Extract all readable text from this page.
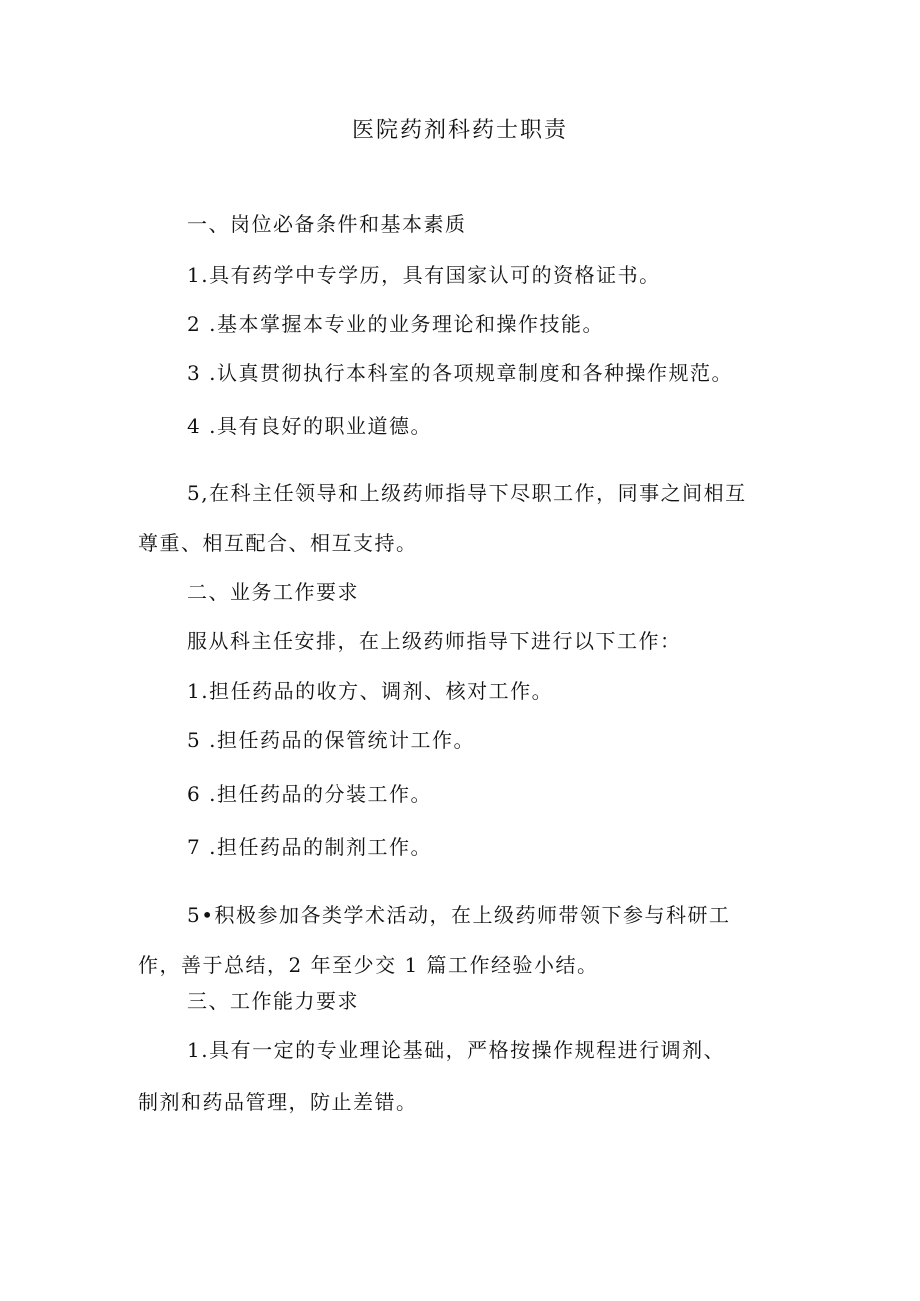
医院药剂科药士职责
一、岗位必备条件和基本素质
1.具有药学中专学历，具有国家认可的资格证书。
2 .基本掌握本专业的业务理论和操作技能。
3 .认真贯彻执行本科室的各项规章制度和各种操作规范。
4 .具有良好的职业道德。
5,在科主任领导和上级药师指导下尽职工作，同事之间相互
尊重、相互配合、相互支持。
二、业务工作要求
服从科主任安排，在上级药师指导下进行以下工作：
1.担任药品的收方、调剂、核对工作。
5 .担任药品的保管统计工作。
6 .担任药品的分装工作。
7 .担任药品的制剂工作。
5•积极参加各类学术活动，在上级药师带领下参与科研工
作，善于总结，2 年至少交 1 篇工作经验小结。
三、工作能力要求
1.具有一定的专业理论基础，严格按操作规程进行调剂、
制剂和药品管理，防止差错。
